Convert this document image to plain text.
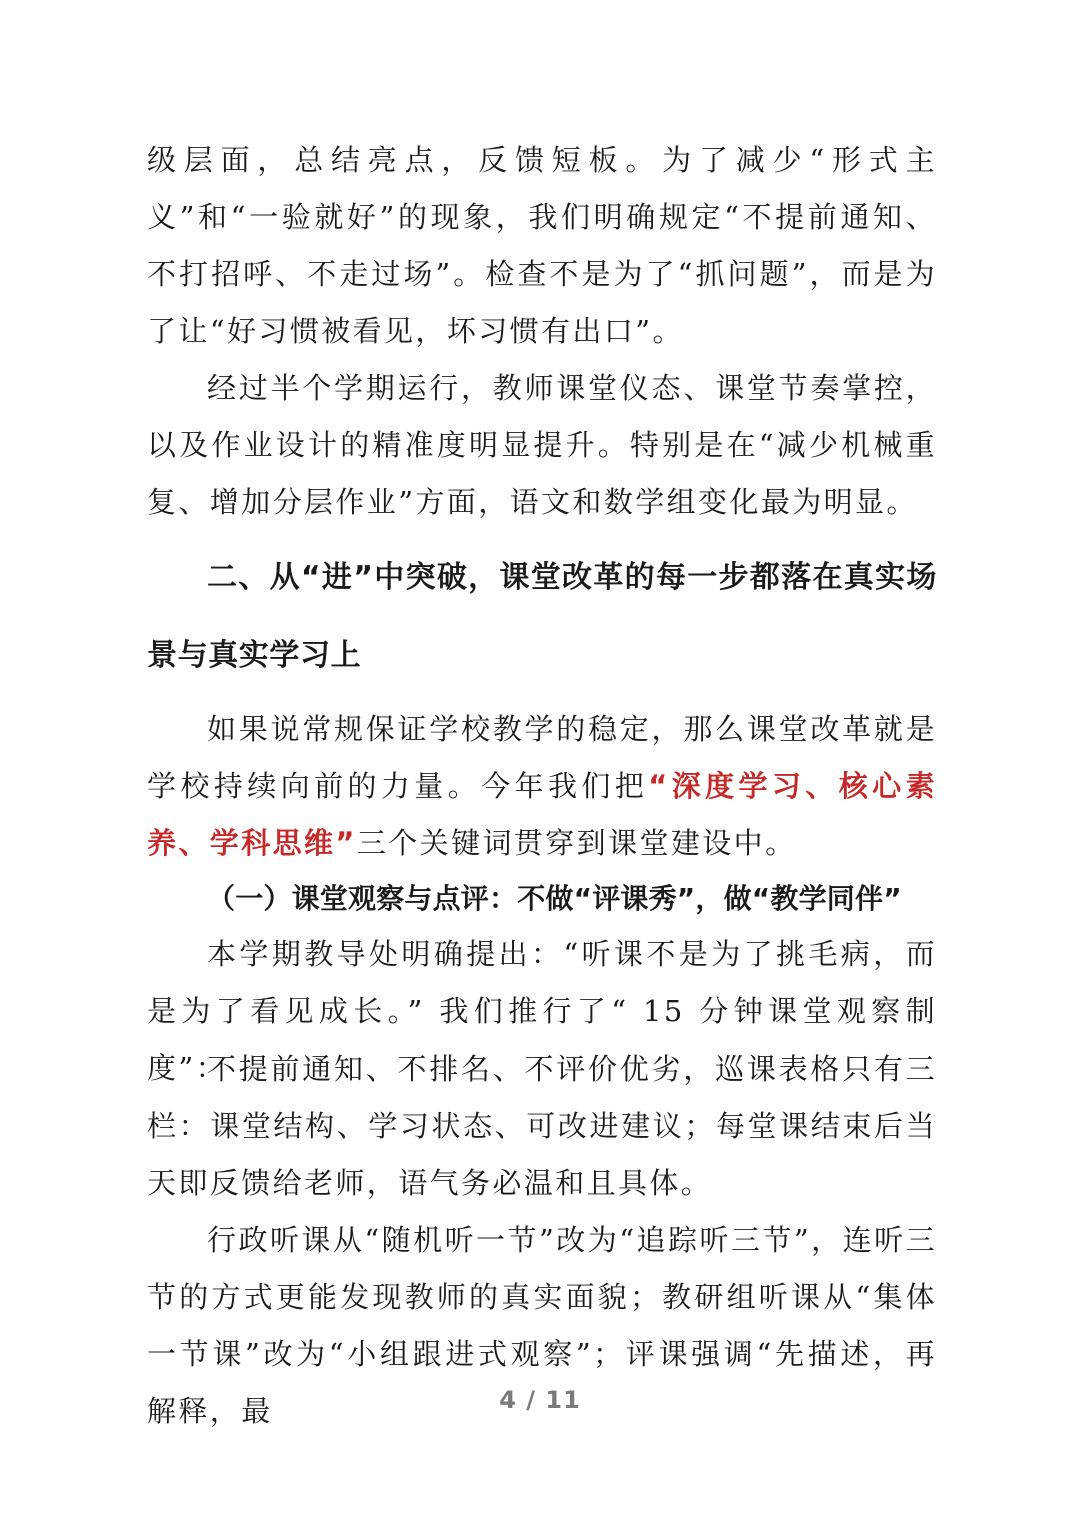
级层面，总结亮点，反馈短板。为了减少“形式主义”和“一验就好”的现象，我们明确规定“不提前通知、不打招呼、不走过场”。检查不是为了“抓问题”，而是为了让“好习惯被看见，坏习惯有出口”。

经过半个学期运行，教师课堂仪态、课堂节奏掌控，以及作业设计的精准度明显提升。特别是在“减少机械重复、增加分层作业”方面，语文和数学组变化最为明显。

二、从“进”中突破，课堂改革的每一步都落在真实场景与真实学习上

如果说常规保证学校教学的稳定，那么课堂改革就是学校持续向前的力量。今年我们把“深度学习、核心素养、学科思维”三个关键词贯穿到课堂建设中。

（一）课堂观察与点评：不做“评课秀”，做“教学同伴”

本学期教导处明确提出：“听课不是为了挑毛病，而是为了看见成长。” 我们推行了“ 15 分钟课堂观察制度”：

不提前通知、不排名、不评价优劣，巡课表格只有三栏：课堂结构、学习状态、可改进建议；每堂课结束后当天即反馈给老师，语气务必温和且具体。

行政听课从“随机听一节”改为“追踪听三节”，连听三节的方式更能发现教师的真实面貌；教研组听课从“集体一节课”改为“小组跟进式观察”；评课强调“先描述，再解释，最	4 / 11
